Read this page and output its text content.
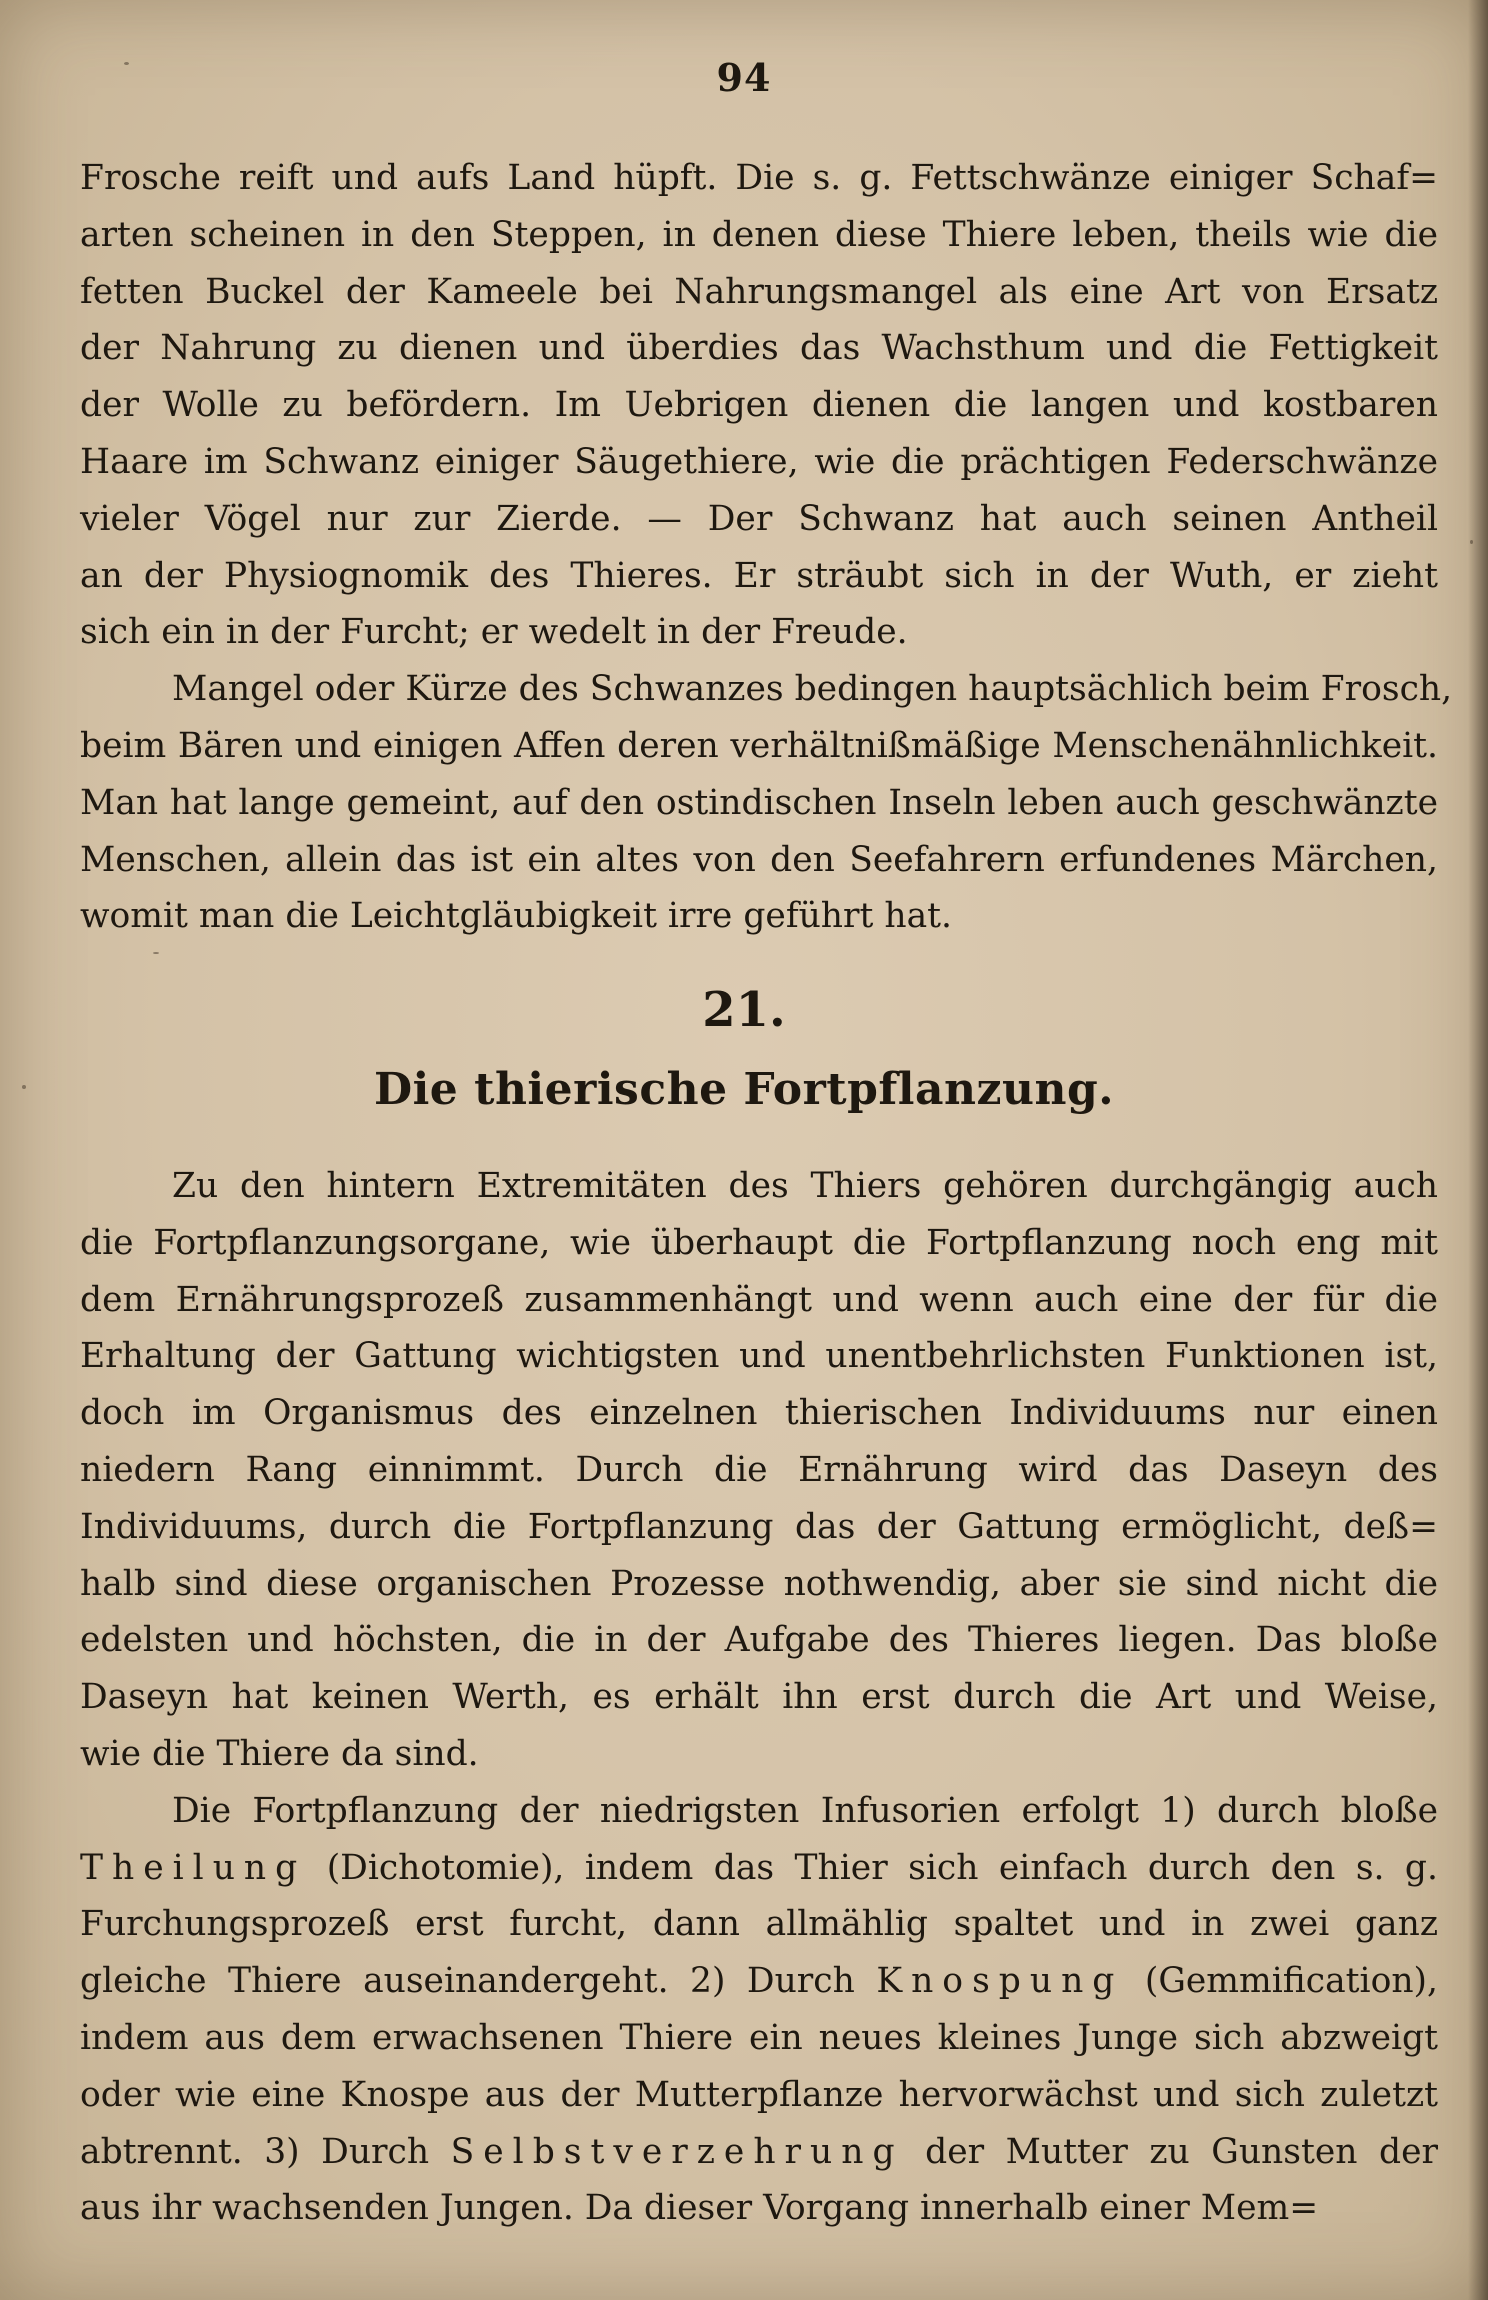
94
Frosche reift und aufs Land hüpft. Die s. g. Fettschwänze einiger Schaf=
arten scheinen in den Steppen, in denen diese Thiere leben, theils wie die
fetten Buckel der Kameele bei Nahrungsmangel als eine Art von Ersatz
der Nahrung zu dienen und überdies das Wachsthum und die Fettigkeit
der Wolle zu befördern. Im Uebrigen dienen die langen und kostbaren
Haare im Schwanz einiger Säugethiere, wie die prächtigen Federschwänze
vieler Vögel nur zur Zierde. — Der Schwanz hat auch seinen Antheil
an der Physiognomik des Thieres. Er sträubt sich in der Wuth, er zieht
sich ein in der Furcht; er wedelt in der Freude.
Mangel oder Kürze des Schwanzes bedingen hauptsächlich beim Frosch,
beim Bären und einigen Affen deren verhältnißmäßige Menschenähnlichkeit.
Man hat lange gemeint, auf den ostindischen Inseln leben auch geschwänzte
Menschen, allein das ist ein altes von den Seefahrern erfundenes Märchen,
womit man die Leichtgläubigkeit irre geführt hat.
21.
Die thierische Fortpflanzung.
Zu den hintern Extremitäten des Thiers gehören durchgängig auch
die Fortpflanzungsorgane, wie überhaupt die Fortpflanzung noch eng mit
dem Ernährungsprozeß zusammenhängt und wenn auch eine der für die
Erhaltung der Gattung wichtigsten und unentbehrlichsten Funktionen ist,
doch im Organismus des einzelnen thierischen Individuums nur einen
niedern Rang einnimmt. Durch die Ernährung wird das Daseyn des
Individuums, durch die Fortpflanzung das der Gattung ermöglicht, deß=
halb sind diese organischen Prozesse nothwendig, aber sie sind nicht die
edelsten und höchsten, die in der Aufgabe des Thieres liegen. Das bloße
Daseyn hat keinen Werth, es erhält ihn erst durch die Art und Weise,
wie die Thiere da sind.
Die Fortpflanzung der niedrigsten Infusorien erfolgt 1) durch bloße
Theilung (Dichotomie), indem das Thier sich einfach durch den s. g.
Furchungsprozeß erst furcht, dann allmählig spaltet und in zwei ganz
gleiche Thiere auseinandergeht. 2) Durch Knospung (Gemmification),
indem aus dem erwachsenen Thiere ein neues kleines Junge sich abzweigt
oder wie eine Knospe aus der Mutterpflanze hervorwächst und sich zuletzt
abtrennt. 3) Durch Selbstverzehrung der Mutter zu Gunsten der
aus ihr wachsenden Jungen. Da dieser Vorgang innerhalb einer Mem=
